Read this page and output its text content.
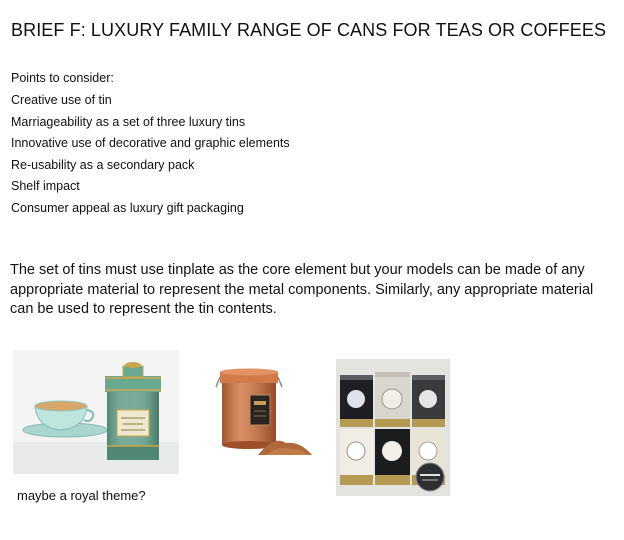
BRIEF F: LUXURY FAMILY RANGE OF CANS FOR TEAS OR COFFEES
Points to consider:
Creative use of tin
Marriageability as a set of three luxury tins
Innovative use of decorative and graphic elements
Re-usability as a secondary pack
Shelf impact
Consumer appeal as luxury gift packaging

The set of tins must use tinplate as the core element but your models can be made of any appropriate material to represent the metal components. Similarly, any appropriate material can be used to represent the tin contents.

maybe a royal theme?
